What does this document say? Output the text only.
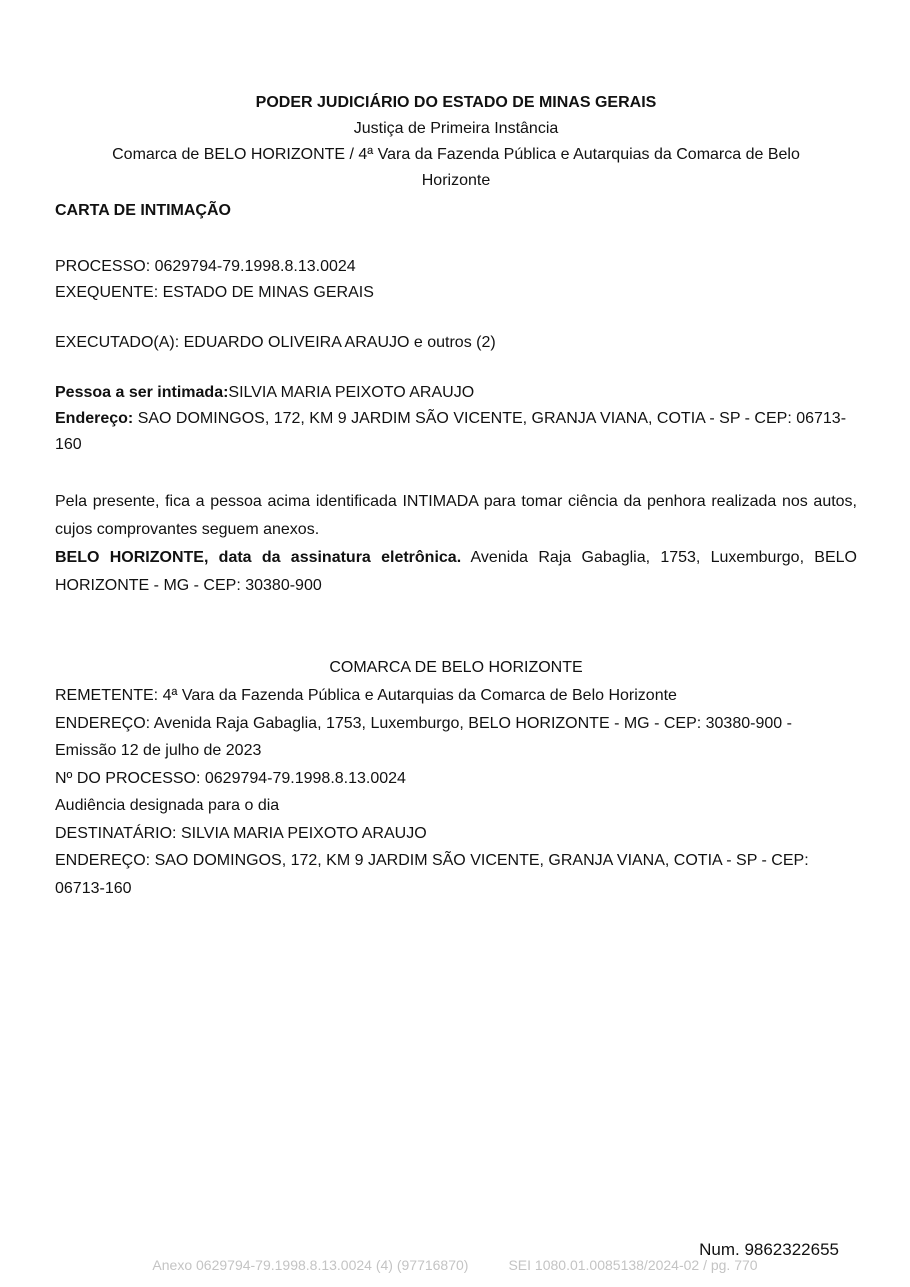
PODER JUDICIÁRIO DO ESTADO DE MINAS GERAIS
Justiça de Primeira Instância
Comarca de BELO HORIZONTE / 4ª Vara da Fazenda Pública e Autarquias da Comarca de Belo Horizonte
CARTA DE INTIMAÇÃO
PROCESSO: 0629794-79.1998.8.13.0024
EXEQUENTE: ESTADO DE MINAS GERAIS
EXECUTADO(A): EDUARDO OLIVEIRA ARAUJO e outros (2)
Pessoa a ser intimada:SILVIA MARIA PEIXOTO ARAUJO
Endereço: SAO DOMINGOS, 172, KM 9 JARDIM SÃO VICENTE, GRANJA VIANA, COTIA - SP - CEP: 06713-160
Pela presente, fica a pessoa acima identificada INTIMADA para tomar ciência da penhora realizada nos autos, cujos comprovantes seguem anexos.
BELO HORIZONTE, data da assinatura eletrônica. Avenida Raja Gabaglia, 1753, Luxemburgo, BELO HORIZONTE - MG - CEP: 30380-900
COMARCA DE BELO HORIZONTE
REMETENTE: 4ª Vara da Fazenda Pública e Autarquias da Comarca de Belo Horizonte
ENDEREÇO: Avenida Raja Gabaglia, 1753, Luxemburgo, BELO HORIZONTE - MG - CEP: 30380-900 - Emissão 12 de julho de 2023
Nº DO PROCESSO: 0629794-79.1998.8.13.0024
Audiência designada para o dia
DESTINATÁRIO: SILVIA MARIA PEIXOTO ARAUJO
ENDEREÇO: SAO DOMINGOS, 172, KM 9 JARDIM SÃO VICENTE, GRANJA VIANA, COTIA - SP - CEP: 06713-160
Num. 9862322655
Anexo 0629794-79.1998.8.13.0024 (4) (97716870)	SEI 1080.01.0085138/2024-02 / pg. 770
